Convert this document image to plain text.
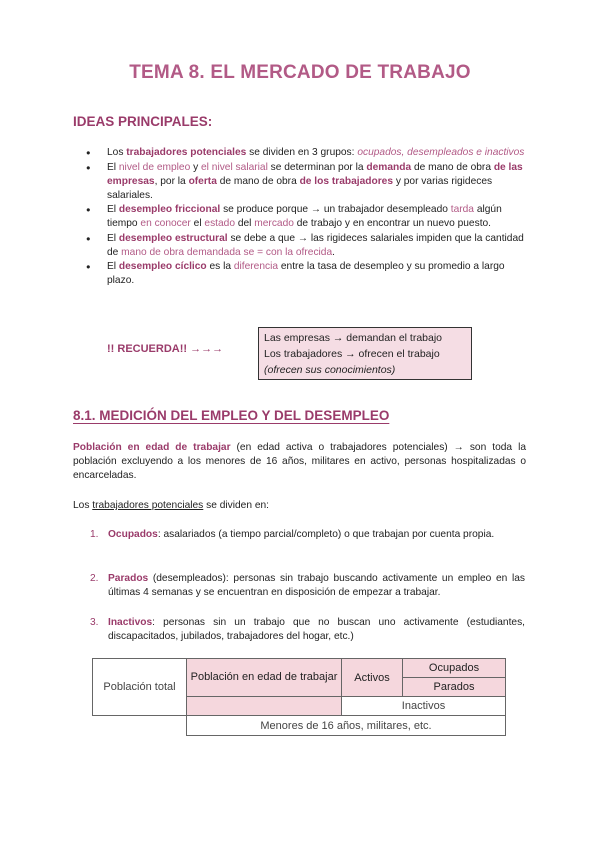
TEMA 8. EL MERCADO DE TRABAJO
IDEAS PRINCIPALES:
● Los trabajadores potenciales se dividen en 3 grupos: ocupados, desempleados e inactivos
● El nivel de empleo y el nivel salarial se determinan por la demanda de mano de obra de las empresas, por la oferta de mano de obra de los trabajadores y por varias rigideces salariales.
● El desempleo friccional se produce porque → un trabajador desempleado tarda algún tiempo en conocer el estado del mercado de trabajo y en encontrar un nuevo puesto.
● El desempleo estructural se debe a que → las rigideces salariales impiden que la cantidad de mano de obra demandada se = con la ofrecida.
● El desempleo cíclico es la diferencia entre la tasa de desempleo y su promedio a largo plazo.
!! RECUERDA!! →→→
Las empresas → demandan el trabajo
Los trabajadores → ofrecen el trabajo
(ofrecen sus conocimientos)
8.1. MEDICIÓN DEL EMPLEO Y DEL DESEMPLEO
Población en edad de trabajar (en edad activa o trabajadores potenciales) → son toda la población excluyendo a los menores de 16 años, militares en activo, personas hospitalizadas o encarceladas.
Los trabajadores potenciales se dividen en:
1. Ocupados: asalariados (a tiempo parcial/completo) o que trabajan por cuenta propia.
2. Parados (desempleados): personas sin trabajo buscando activamente un empleo en las últimas 4 semanas y se encuentran en disposición de empezar a trabajar.
3. Inactivos: personas sin un trabajo que no buscan uno activamente (estudiantes, discapacitados, jubilados, trabajadores del hogar, etc.)
Población total	Población en edad de trabajar	Activos	Ocupados
			Parados
		Inactivos	
	Menores de 16 años, militares, etc.		
